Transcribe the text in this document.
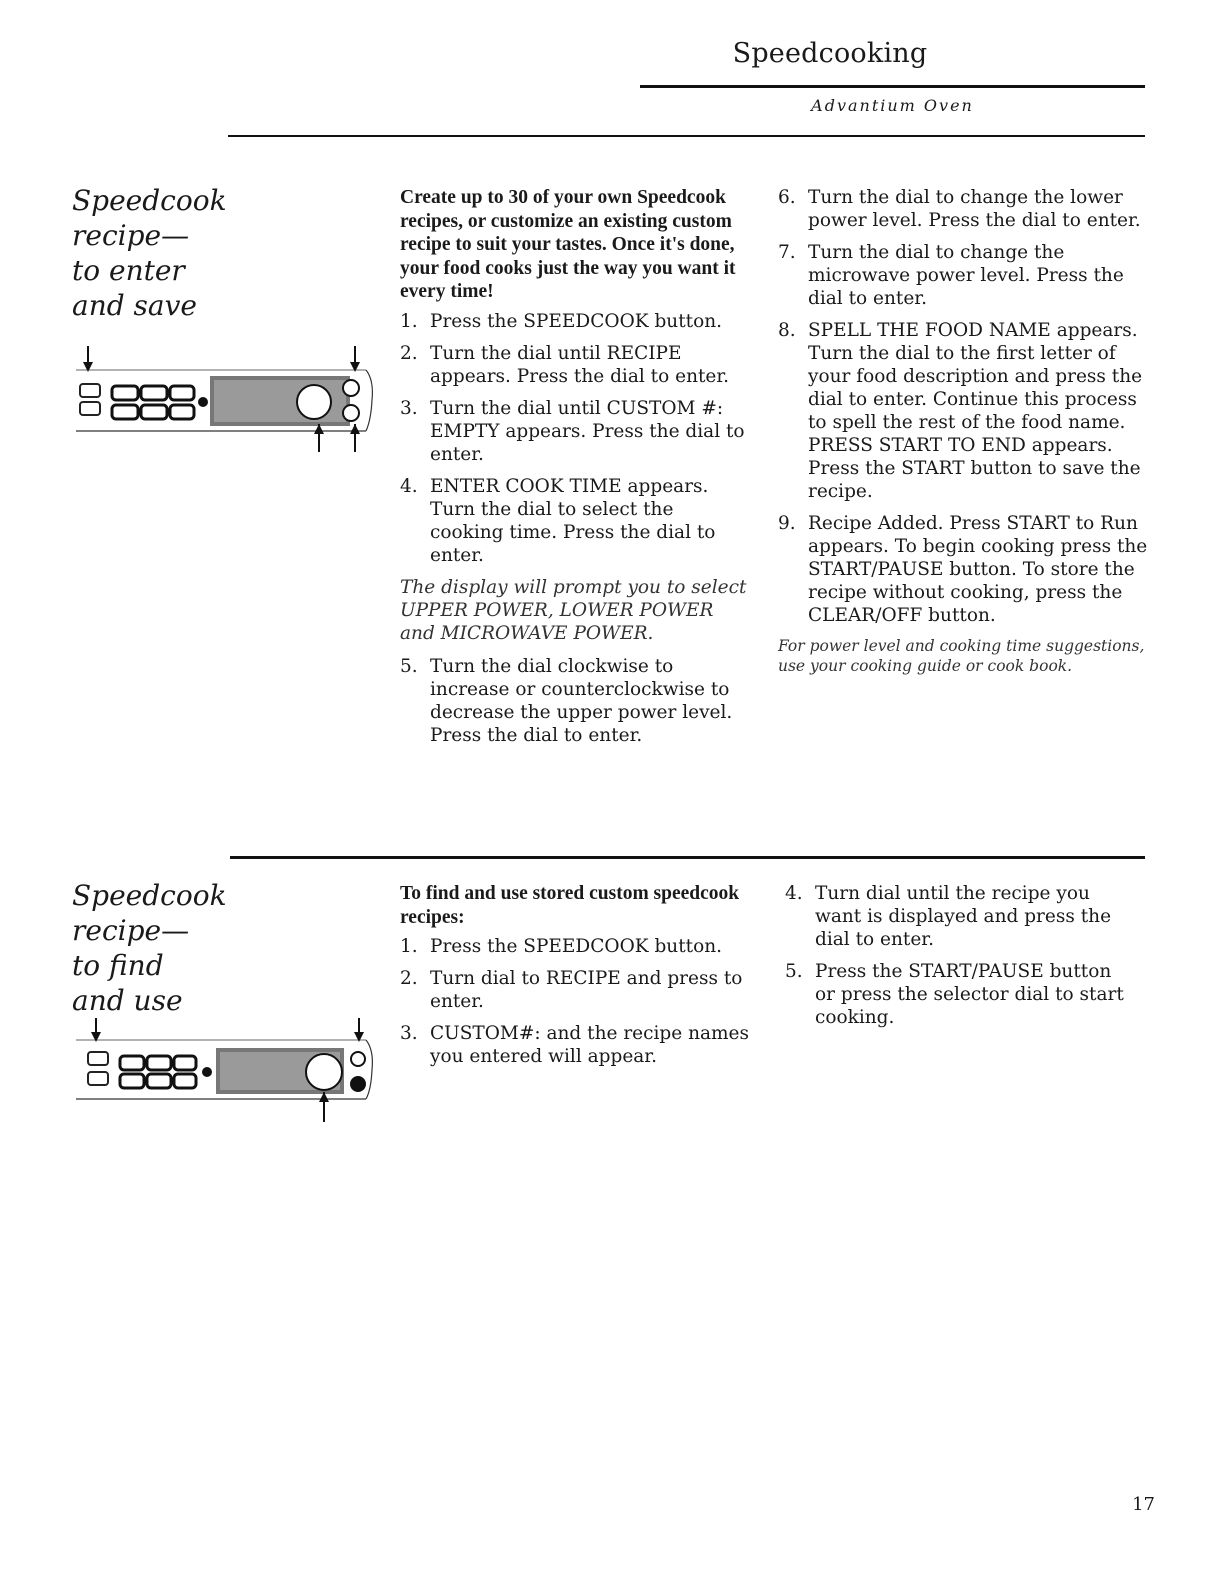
Speedcooking
Advantium Oven
Speedcook
recipe—
to enter
and save

Create up to 30 of your own Speedcook recipes, or customize an existing custom recipe to suit your tastes. Once it's done, your food cooks just the way you want it every time!

1. Press the SPEEDCOOK button.
2. Turn the dial until RECIPE appears. Press the dial to enter.
3. Turn the dial until CUSTOM #: EMPTY appears. Press the dial to enter.
4. ENTER COOK TIME appears. Turn the dial to select the cooking time. Press the dial to enter.

The display will prompt you to select UPPER POWER, LOWER POWER and MICROWAVE POWER.

5. Turn the dial clockwise to increase or counterclockwise to decrease the upper power level. Press the dial to enter.
6. Turn the dial to change the lower power level. Press the dial to enter.
7. Turn the dial to change the microwave power level. Press the dial to enter.
8. SPELL THE FOOD NAME appears. Turn the dial to the first letter of your food description and press the dial to enter. Continue this process to spell the rest of the food name. PRESS START TO END appears. Press the START button to save the recipe.
9. Recipe Added. Press START to Run appears. To begin cooking press the START/PAUSE button. To store the recipe without cooking, press the CLEAR/OFF button.

For power level and cooking time suggestions, use your cooking guide or cook book.

Speedcook
recipe—
to find
and use

To find and use stored custom speedcook recipes:

1. Press the SPEEDCOOK button.
2. Turn dial to RECIPE and press to enter.
3. CUSTOM#: and the recipe names you entered will appear.
4. Turn dial until the recipe you want is displayed and press the dial to enter.
5. Press the START/PAUSE button or press the selector dial to start cooking.
17
